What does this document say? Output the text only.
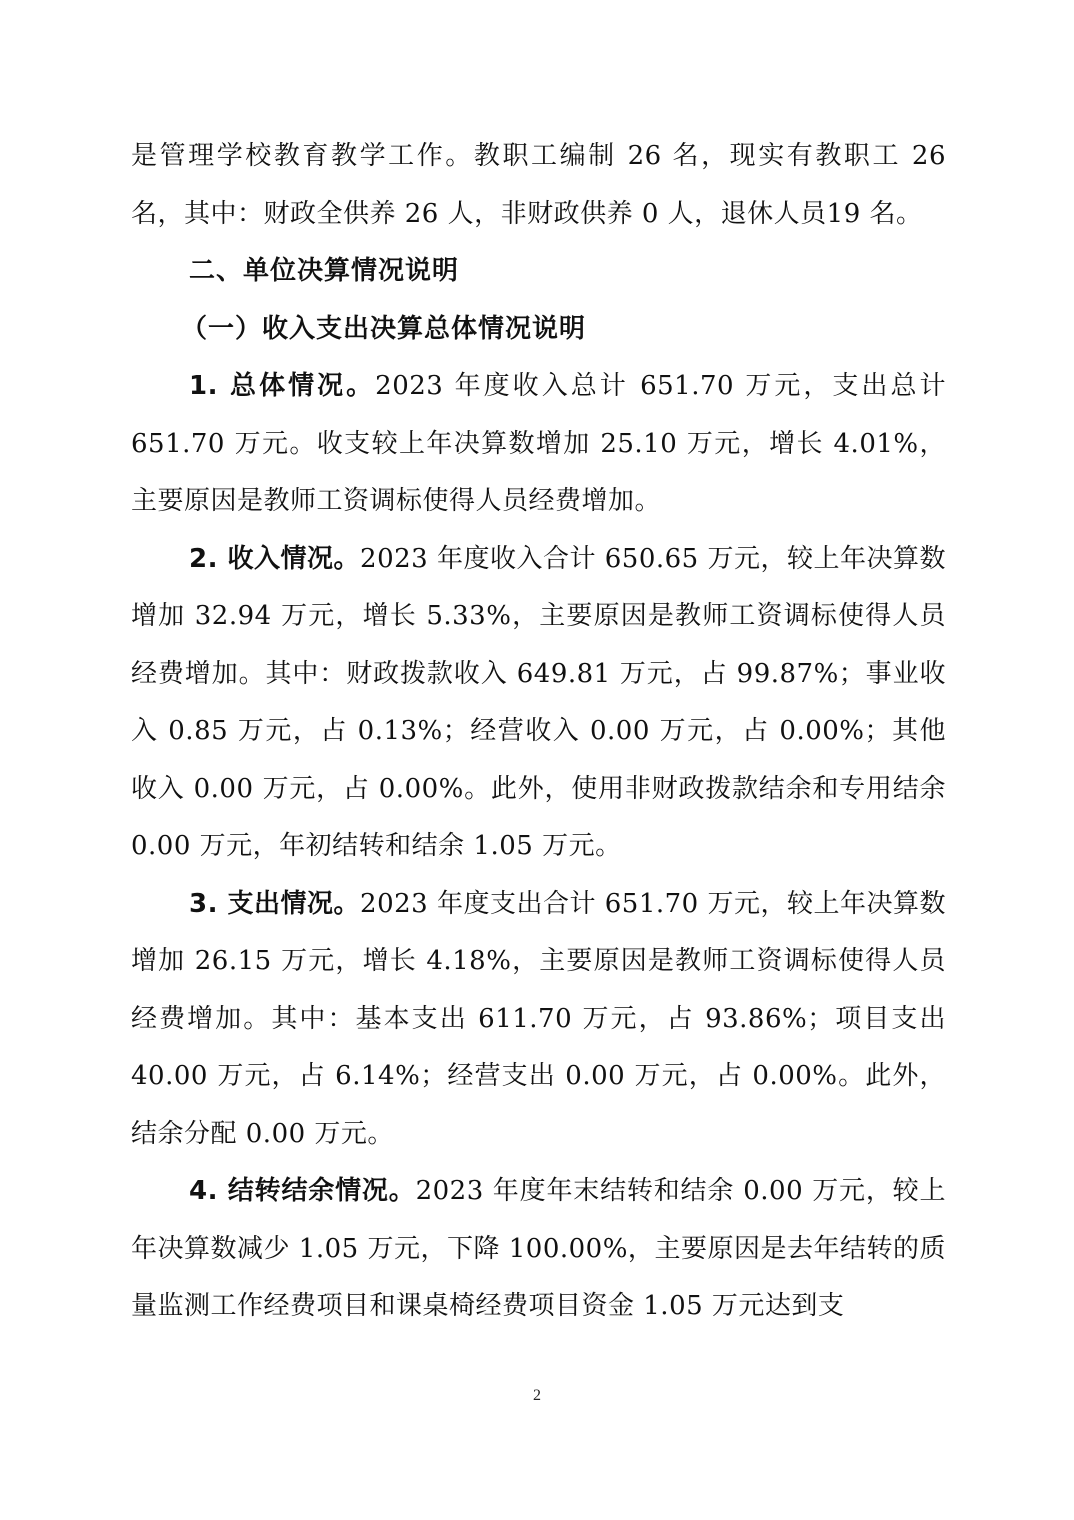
是管理学校教育教学工作。教职工编制 26 名，现实有教职工 26 名，其中：财政全供养 26 人，非财政供养 0 人，退休人员19 名。

二、单位决算情况说明

（一）收入支出决算总体情况说明

1. 总体情况。2023 年度收入总计 651.70 万元，支出总计 651.70 万元。收支较上年决算数增加 25.10 万元，增长 4.01%，主要原因是教师工资调标使得人员经费增加。

2. 收入情况。2023 年度收入合计 650.65 万元，较上年决算数增加 32.94 万元，增长 5.33%，主要原因是教师工资调标使得人员经费增加。其中：财政拨款收入 649.81 万元，占 99.87%；事业收入 0.85 万元，占 0.13%；经营收入 0.00 万元，占 0.00%；其他收入 0.00 万元，占 0.00%。此外，使用非财政拨款结余和专用结余 0.00 万元，年初结转和结余 1.05 万元。

3. 支出情况。2023 年度支出合计 651.70 万元，较上年决算数增加 26.15 万元，增长 4.18%，主要原因是教师工资调标使得人员经费增加。其中：基本支出 611.70 万元，占 93.86%；项目支出 40.00 万元，占 6.14%；经营支出 0.00 万元，占 0.00%。此外，结余分配 0.00 万元。

4. 结转结余情况。2023 年度年末结转和结余 0.00 万元，较上年决算数减少 1.05 万元，下降 100.00%，主要原因是去年结转的质量监测工作经费项目和课桌椅经费项目资金 1.05 万元达到支

2
